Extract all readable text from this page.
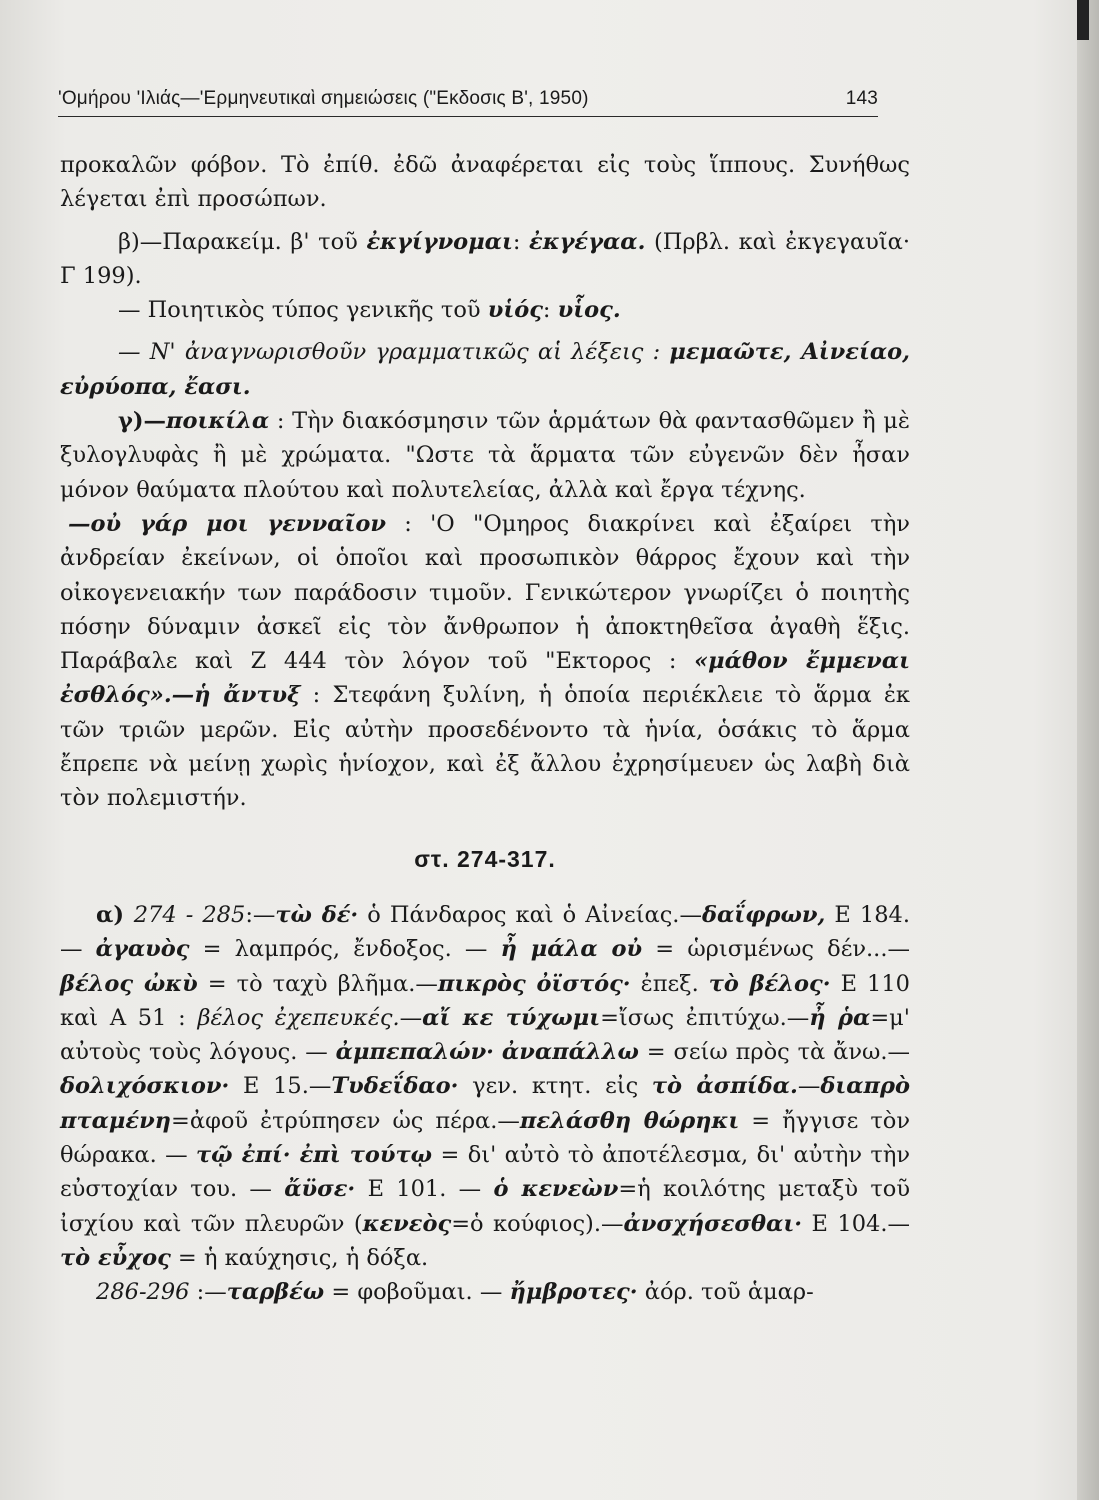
'Ομήρου 'Ιλιάς—'Ερμηνευτικαὶ σημειώσεις ("Εκδοσις Β', 1950)	143

προκαλῶν φόβον. Τὸ ἐπίθ. ἐδῶ ἀναφέρεται εἰς τοὺς ἵππους. Συνήθως λέγεται ἐπὶ προσώπων.

β)—Παρακείμ. β' τοῦ ἐκγίγνομαι: ἐκγέγαα. (Πρβλ. καὶ ἐκγεγαυῖα· Γ 199).

— Ποιητικὸς τύπος γενικῆς τοῦ υἱός: υἷος.

— Ν' ἀναγνωρισθοῦν γραμματικῶς αἱ λέξεις : μεμαῶτε, Αἰνείαο, εὐρύοπα, ἔασι.

γ)—ποικίλα : Τὴν διακόσμησιν τῶν ἁρμάτων θὰ φαντασθῶμεν ἢ μὲ ξυλογλυφὰς ἢ μὲ χρώματα. "Ωστε τὰ ἅρματα τῶν εὐγενῶν δὲν ἦσαν μόνον θαύματα πλούτου καὶ πολυτελείας, ἀλλὰ καὶ ἔργα τέχνης.

—οὐ γάρ μοι γενναῖον : 'Ο "Ομηρος διακρίνει καὶ ἐξαίρει τὴν ἀνδρείαν ἐκείνων, οἱ ὁποῖοι καὶ προσωπικὸν θάρρος ἔχουν καὶ τὴν οἰκογενειακήν των παράδοσιν τιμοῦν. Γενικώτερον γνωρίζει ὁ ποιητὴς πόσην δύναμιν ἀσκεῖ εἰς τὸν ἄνθρωπον ἡ ἀποκτηθεῖσα ἀγαθὴ ἕξις. Παράβαλε καὶ Ζ 444 τὸν λόγον τοῦ "Εκτορος : «μάθον ἔμμεναι ἐσθλός».—ἡ ἄντυξ : Στεφάνη ξυλίνη, ἡ ὁποία περιέκλειε τὸ ἅρμα ἐκ τῶν τριῶν μερῶν. Εἰς αὐτὴν προσεδένοντο τὰ ἡνία, ὁσάκις τὸ ἅρμα ἔπρεπε νὰ μείνῃ χωρὶς ἡνίοχον, καὶ ἐξ ἄλλου ἐχρησίμευεν ὡς λαβὴ διὰ τὸν πολεμιστήν.

στ. 274-317.

α) 274 - 285:—τὼ δέ· ὁ Πάνδαρος καὶ ὁ Αἰνείας.—δαΐφρων, Ε 184. — ἀγαυὸς = λαμπρός, ἔνδοξος. — ἦ μάλα οὐ = ὡρισμένως δέν...—βέλος ὠκὺ = τὸ ταχὺ βλῆμα.—πικρὸς ὀϊστός· ἐπεξ. τὸ βέλος· Ε 110 καὶ Α 51 : βέλος ἐχεπευκές.—αἴ κε τύχωμι=ἴσως ἐπιτύχω.—ἦ ῥα=μ' αὐτοὺς τοὺς λόγους. — ἀμπεπαλών· ἀναπάλλω = σείω πρὸς τὰ ἄνω.—δολιχόσκιον· Ε 15.—Τυδεΐδαο· γεν. κτητ. εἰς τὸ ἀσπίδα.—διαπρὸ πταμένη=ἀφοῦ ἐτρύπησεν ὡς πέρα.—πελάσθη θώρηκι = ἤγγισε τὸν θώρακα. — τῷ ἐπί· ἐπὶ τούτῳ = δι' αὐτὸ τὸ ἀποτέλεσμα, δι' αὐτὴν τὴν εὐστοχίαν του. — ἄϋσε· Ε 101. — ὁ κενεὼν=ἡ κοιλότης μεταξὺ τοῦ ἰσχίου καὶ τῶν πλευρῶν (κενεὸς=ὁ κούφιος).—ἀνσχήσεσθαι· Ε 104.—τὸ εὖχος = ἡ καύχησις, ἡ δόξα.

286-296 :—ταρβέω = φοβοῦμαι. — ἤμβροτες· ἀόρ. τοῦ ἁμαρ-
